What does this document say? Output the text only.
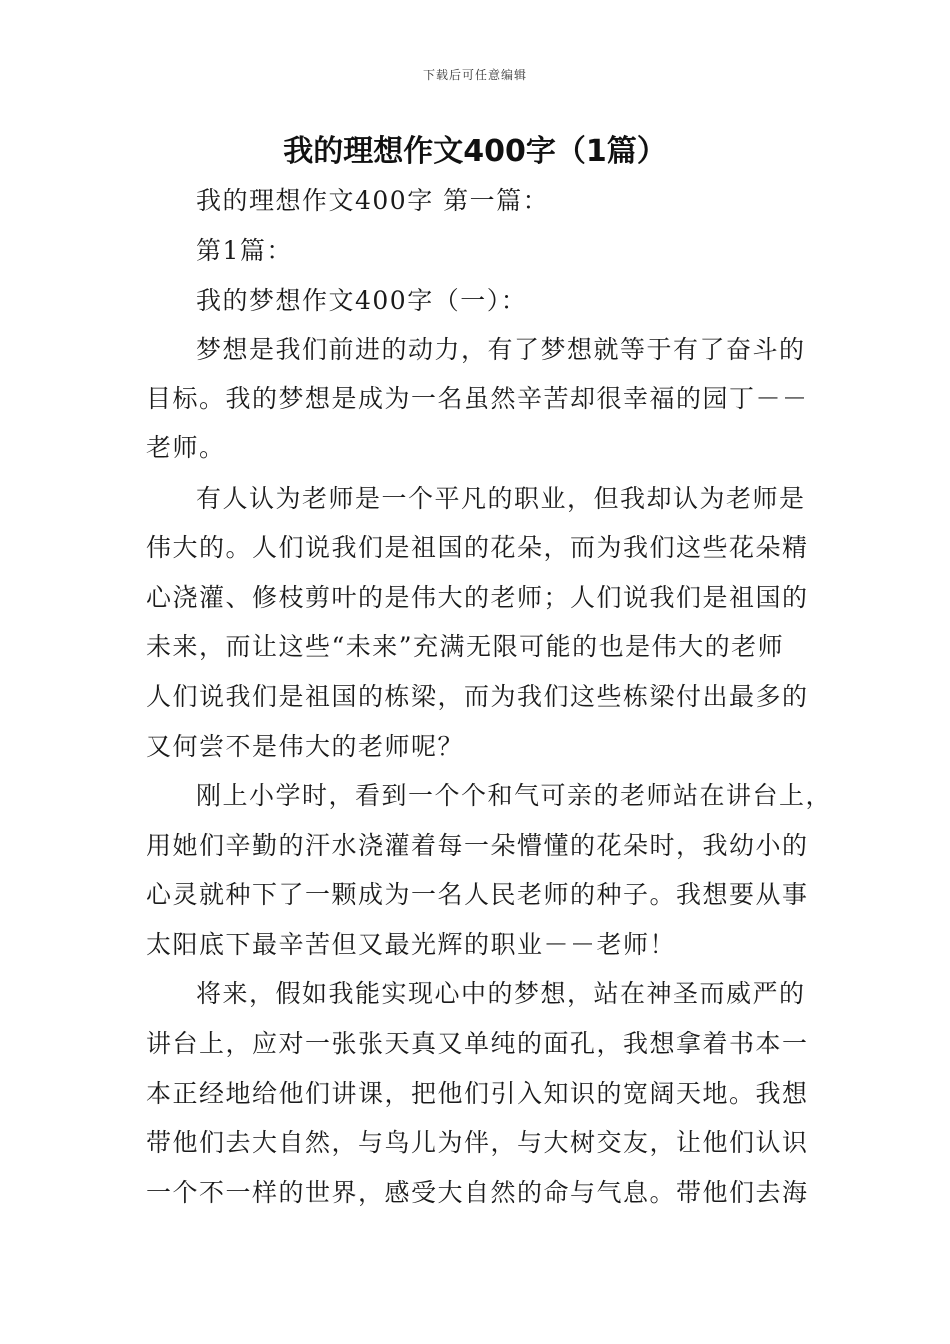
下载后可任意编辑
我的理想作文400字（1篇）
我的理想作文400字 第一篇：
第1篇：
我的梦想作文400字（一）：
梦想是我们前进的动力，有了梦想就等于有了奋斗的
目标。我的梦想是成为一名虽然辛苦却很幸福的园丁－－
老师。
有人认为老师是一个平凡的职业，但我却认为老师是
伟大的。人们说我们是祖国的花朵，而为我们这些花朵精
心浇灌、修枝剪叶的是伟大的老师；人们说我们是祖国的
未来，而让这些“未来”充满无限可能的也是伟大的老师
人们说我们是祖国的栋梁，而为我们这些栋梁付出最多的
又何尝不是伟大的老师呢？
刚上小学时，看到一个个和气可亲的老师站在讲台上，
用她们辛勤的汗水浇灌着每一朵懵懂的花朵时，我幼小的
心灵就种下了一颗成为一名人民老师的种子。我想要从事
太阳底下最辛苦但又最光辉的职业－－老师！
将来，假如我能实现心中的梦想，站在神圣而威严的
讲台上，应对一张张天真又单纯的面孔，我想拿着书本一
本正经地给他们讲课，把他们引入知识的宽阔天地。我想
带他们去大自然，与鸟儿为伴，与大树交友，让他们认识
一个不一样的世界，感受大自然的命与气息。带他们去海
